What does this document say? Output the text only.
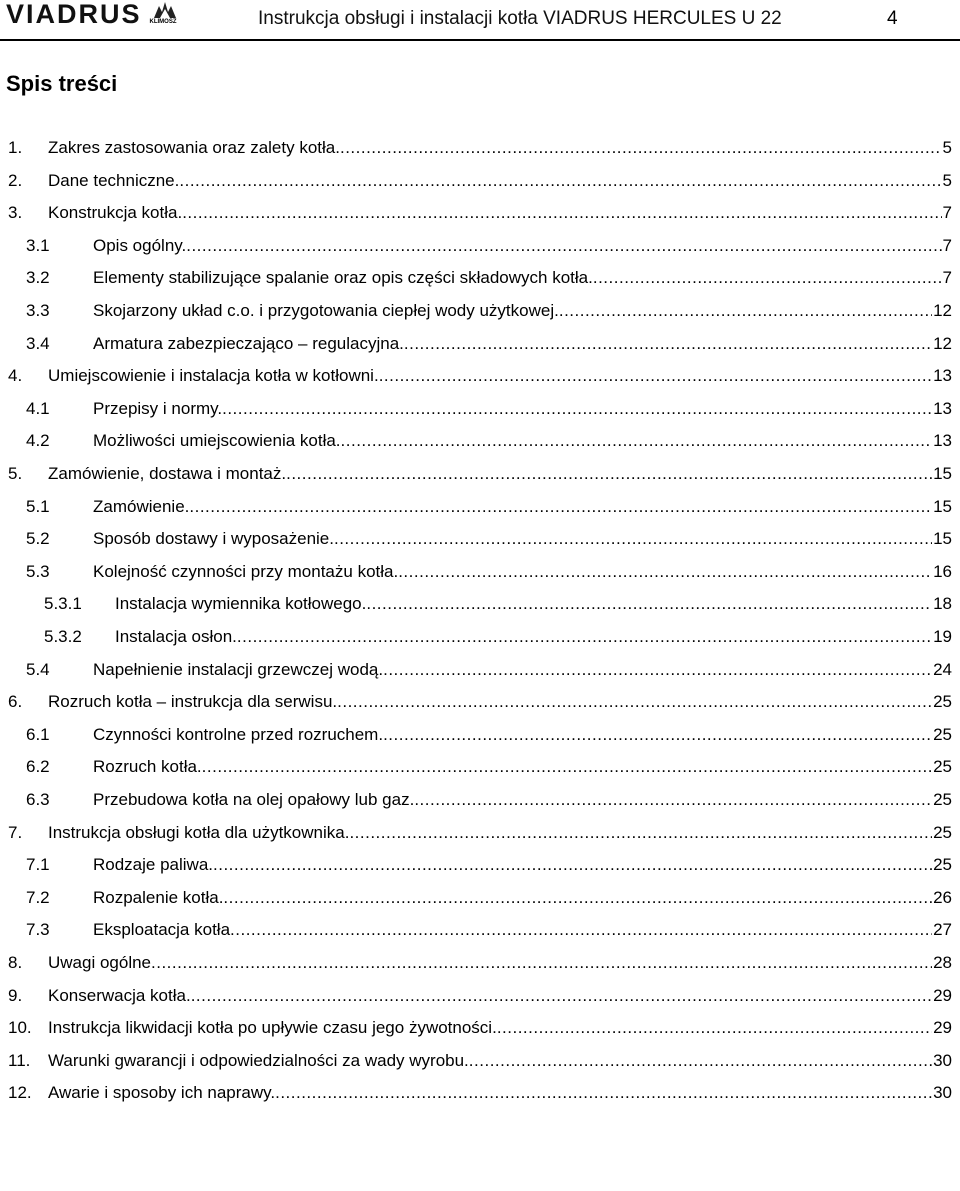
VIADRUS KLIMOSZ	Instrukcja obsługi i instalacji kotła VIADRUS HERCULES U 22	4
Spis treści
1. Zakres zastosowania oraz zalety kotła. .....	5
2. Dane techniczne. .....	5
3. Konstrukcja kotła. .....	7
3.1	Opis ogólny. .....	7
3.2	Elementy stabilizujące spalanie oraz opis części składowych kotła. .....	7
3.3	Skojarzony układ c.o. i przygotowania ciepłej wody użytkowej. .....	12
3.4	Armatura zabezpieczająco – regulacyjna. .....	12
4. Umiejscowienie i instalacja kotła w kotłowni. .....	13
4.1	Przepisy i normy. .....	13
4.2	Możliwości umiejscowienia kotła. .....	13
5. Zamówienie, dostawa i montaż. .....	15
5.1	Zamówienie. .....	15
5.2	Sposób dostawy i wyposażenie. .....	15
5.3	Kolejność czynności przy montażu kotła. .....	16
5.3.1 Instalacja wymiennika kotłowego. .....	18
5.3.2 Instalacja osłon. .....	19
5.4	Napełnienie instalacji grzewczej wodą. .....	24
6. Rozruch kotła – instrukcja dla serwisu. .....	25
6.1	Czynności kontrolne przed rozruchem. .....	25
6.2	Rozruch kotła. .....	25
6.3	Przebudowa kotła na olej opałowy lub gaz. .....	25
7. Instrukcja obsługi kotła dla użytkownika. .....	25
7.1	Rodzaje paliwa. .....	25
7.2	Rozpalenie kotła. .....	26
7.3	Eksploatacja kotła .....	27
8. Uwagi ogólne .....	28
9. Konserwacja kotła. .....	29
10. Instrukcja likwidacji kotła po upływie czasu jego żywotności. .....	29
11. Warunki gwarancji i odpowiedzialności za wady wyrobu. .....	30
12. Awarie i sposoby ich naprawy. .....	30
